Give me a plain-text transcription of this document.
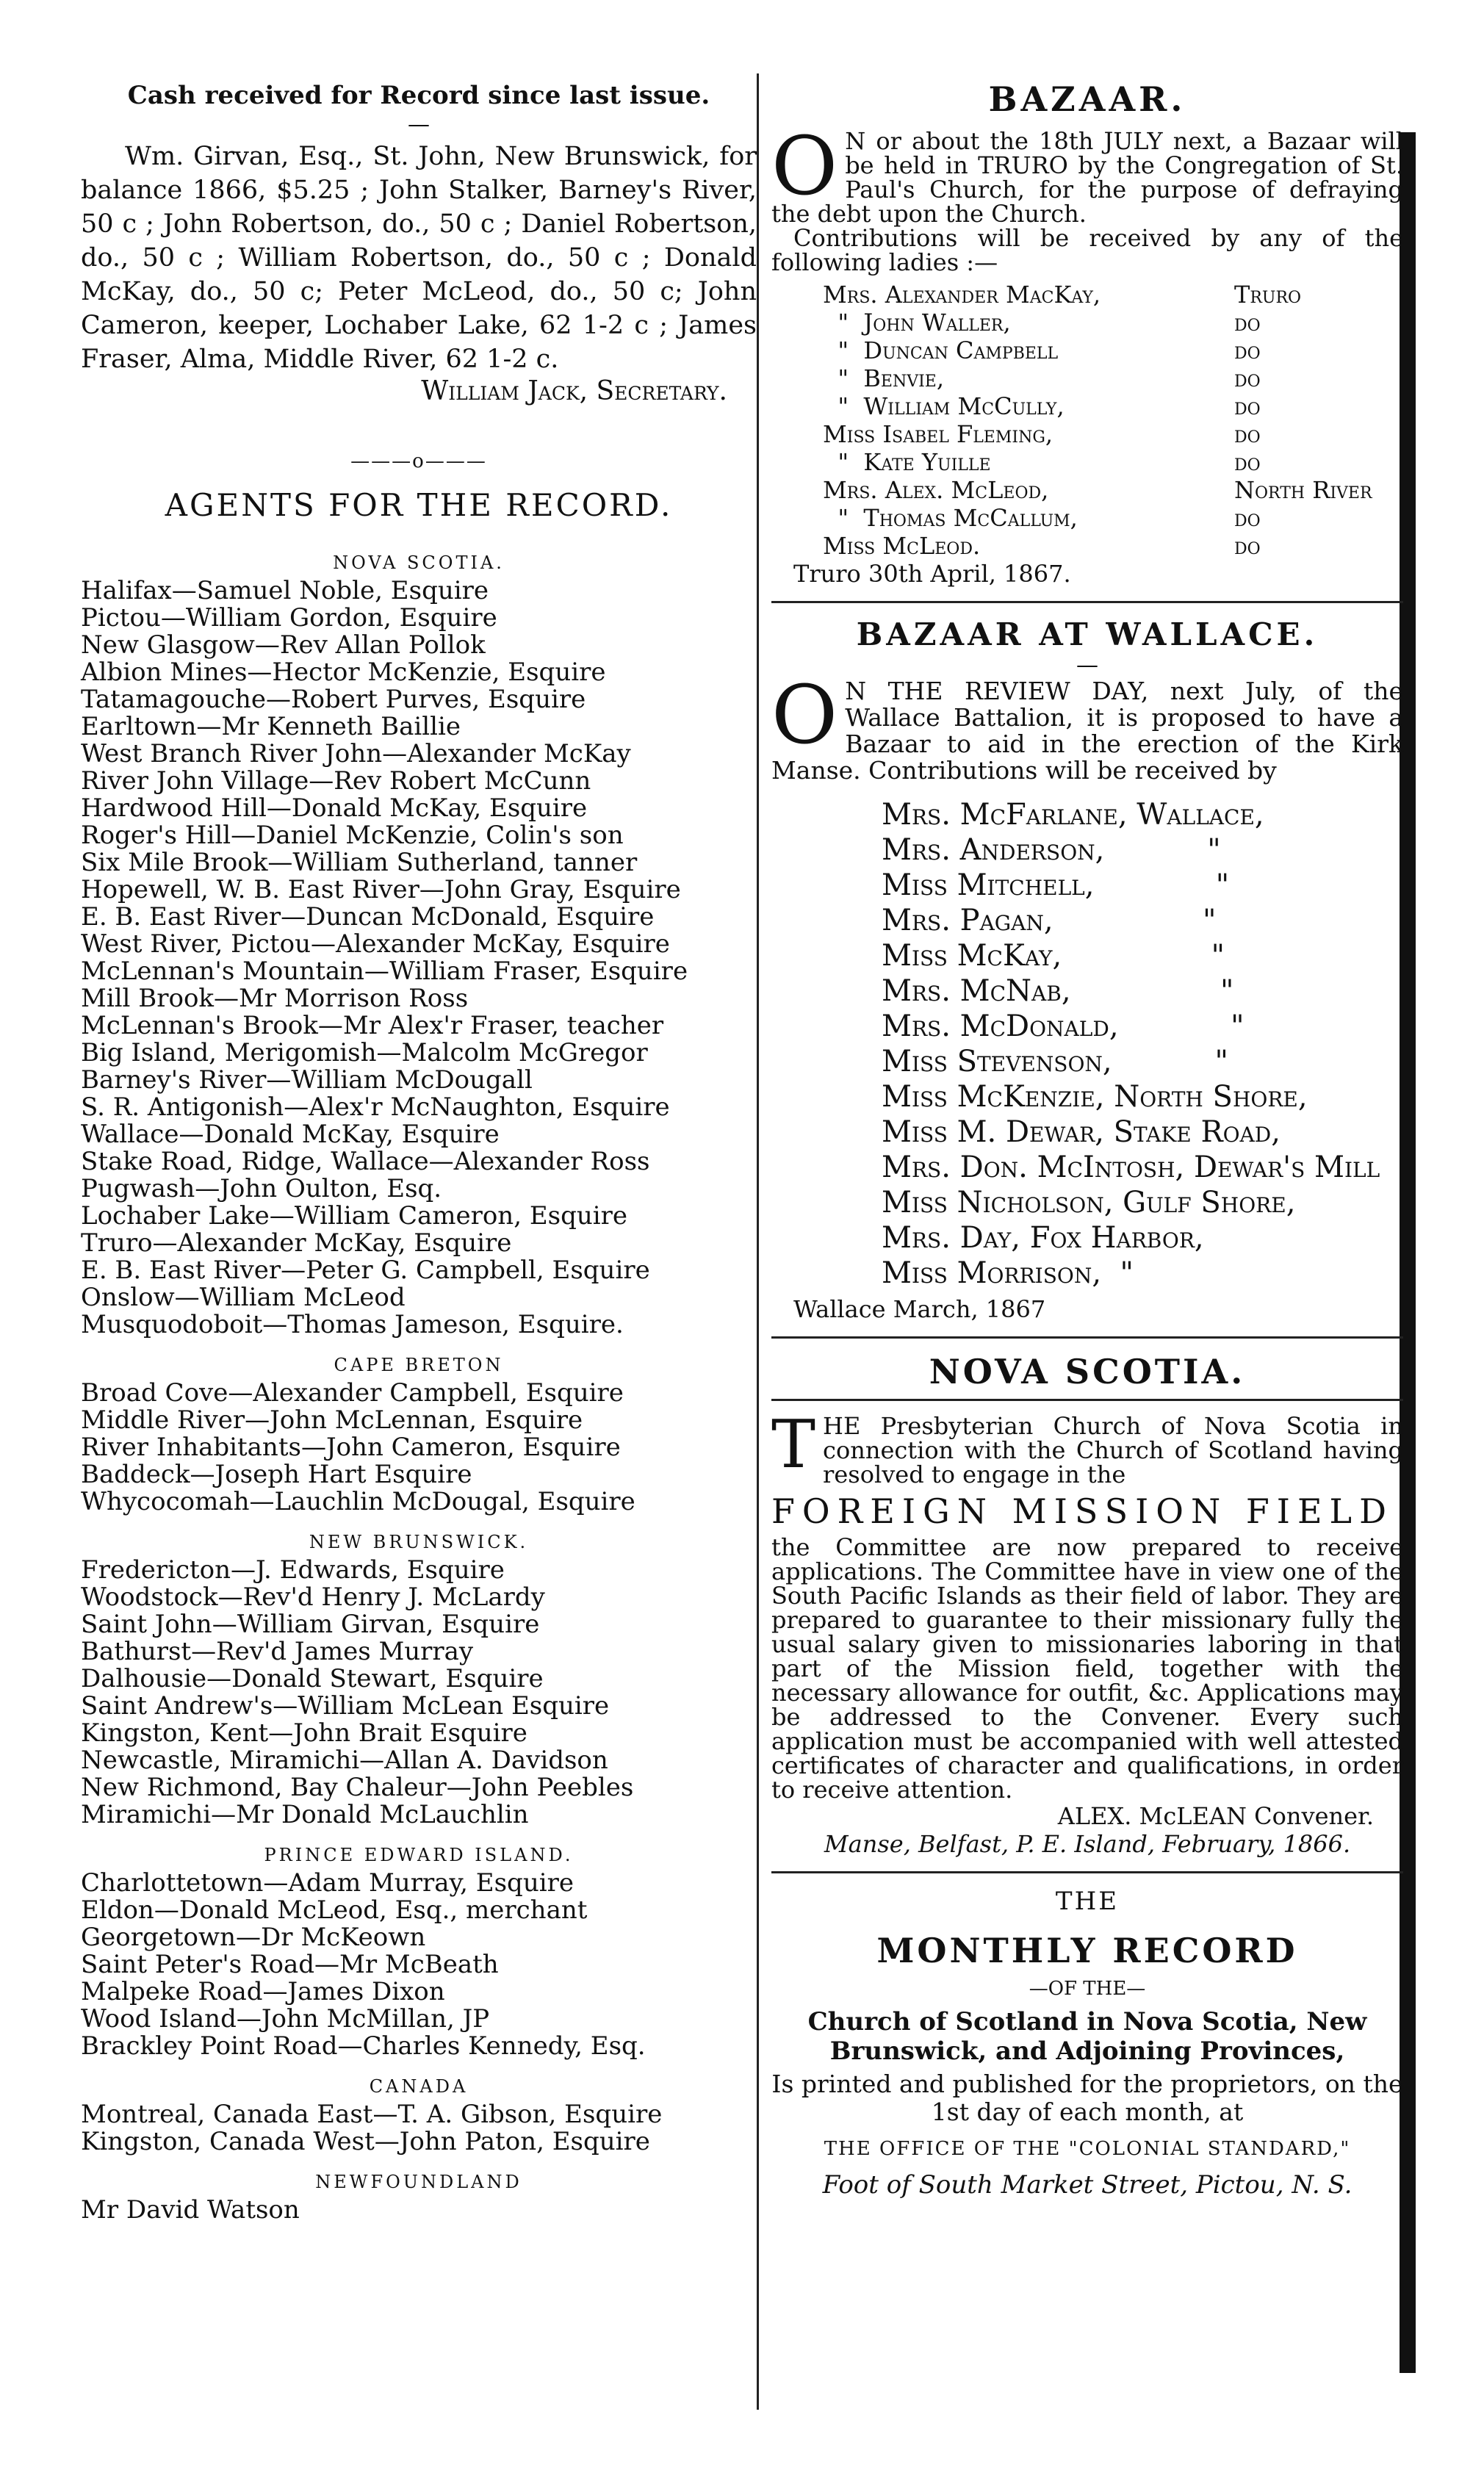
Cash received for Record since last issue.

—

Wm. Girvan, Esq., St. John, New Brunswick, for balance 1866, $5.25 ; John Stalker, Barney's River, 50 c ; John Robertson, do., 50 c ; Daniel Robertson, do., 50 c ; William Robertson, do., 50 c ; Donald McKay, do., 50 c; Peter McLeod, do., 50 c; John Cameron, keeper, Lochaber Lake, 62 1-2 c ; James Fraser, Alma, Middle River, 62 1-2 c.

William Jack, Secretary.
———o———
AGENTS FOR THE RECORD.
NOVA SCOTIA.
Halifax—Samuel Noble, Esquire
Pictou—William Gordon, Esquire
New Glasgow—Rev Allan Pollok
Albion Mines—Hector McKenzie, Esquire
Tatamagouche—Robert Purves, Esquire
Earltown—Mr Kenneth Baillie
West Branch River John—Alexander McKay
River John Village—Rev Robert McCunn
Hardwood Hill—Donald McKay, Esquire
Roger's Hill—Daniel McKenzie, Colin's son
Six Mile Brook—William Sutherland, tanner
Hopewell, W. B. East River—John Gray, Esquire
E. B. East River—Duncan McDonald, Esquire
West River, Pictou—Alexander McKay, Esquire
McLennan's Mountain—William Fraser, Esquire
Mill Brook—Mr Morrison Ross
McLennan's Brook—Mr Alex'r Fraser, teacher
Big Island, Merigomish—Malcolm McGregor
Barney's River—William McDougall
S. R. Antigonish—Alex'r McNaughton, Esquire
Wallace—Donald McKay, Esquire
Stake Road, Ridge, Wallace—Alexander Ross
Pugwash—John Oulton, Esq.
Lochaber Lake—William Cameron, Esquire
Truro—Alexander McKay, Esquire
E. B. East River—Peter G. Campbell, Esquire
Onslow—William McLeod
Musquodoboit—Thomas Jameson, Esquire.
CAPE BRETON
Broad Cove—Alexander Campbell, Esquire
Middle River—John McLennan, Esquire
River Inhabitants—John Cameron, Esquire
Baddeck—Joseph Hart Esquire
Whycocomah—Lauchlin McDougal, Esquire
NEW BRUNSWICK.
Fredericton—J. Edwards, Esquire
Woodstock—Rev'd Henry J. McLardy
Saint John—William Girvan, Esquire
Bathurst—Rev'd James Murray
Dalhousie—Donald Stewart, Esquire
Saint Andrew's—William McLean Esquire
Kingston, Kent—John Brait Esquire
Newcastle, Miramichi—Allan A. Davidson
New Richmond, Bay Chaleur—John Peebles
Miramichi—Mr Donald McLauchlin
PRINCE EDWARD ISLAND.
Charlottetown—Adam Murray, Esquire
Eldon—Donald McLeod, Esq., merchant
Georgetown—Dr McKeown
Saint Peter's Road—Mr McBeath
Malpeke Road—James Dixon
Wood Island—John McMillan, JP
Brackley Point Road—Charles Kennedy, Esq.
CANADA
Montreal, Canada East—T. A. Gibson, Esquire
Kingston, Canada West—John Paton, Esquire
NEWFOUNDLAND
Mr David Watson

BAZAAR.

O N or about the 18th JULY next, a Bazaar will be held in TRURO by the Congregation of St. Paul's Church, for the purpose of defraying the debt upon the Church.

Contributions will be received by any of the following ladies :—

Mrs. Alexander MacKay,	Truro
"  John Waller,	do
"  Duncan Campbell	do
"  Benvie,	do
"  William McCully,	do
Miss Isabel Fleming,	do
"  Kate Yuille	do
Mrs. Alex. McLeod,	North River
"  Thomas McCallum,	do
Miss McLeod.	do
Truro 30th April, 1867.

BAZAAR AT WALLACE.

—
O N THE REVIEW DAY, next July, of the Wallace Battalion, it is proposed to have a Bazaar to aid in the erection of the Kirk Manse. Contributions will be received by

Mrs. McFarlane, Wallace,
Mrs. Anderson,           "
Miss Mitchell,             "
Mrs. Pagan,                "
Miss McKay,                "
Mrs. McNab,                "
Mrs. McDonald,            "
Miss Stevenson,           "
Miss McKenzie, North Shore,
Miss M. Dewar, Stake Road,
Mrs. Don. McIntosh, Dewar's Mill
Miss Nicholson, Gulf Shore,
Mrs. Day, Fox Harbor,
Miss Morrison,  "
Wallace March, 1867
NOVA SCOTIA.
T HE Presbyterian Church of Nova Scotia in connection with the Church of Scotland having resolved to engage in the

FOREIGN MISSION FIELD

the Committee are now prepared to receive applications. The Committee have in view one of the South Pacific Islands as their field of labor. They are prepared to guarantee to their missionary fully the usual salary given to missionaries laboring in that part of the Mission field, together with the necessary allowance for outfit, &c. Applications may be addressed to the Convener. Every such application must be accompanied with well attested certificates of character and qualifications, in order to receive attention.

ALEX. McLEAN Convener.
Manse, Belfast, P. E. Island, February, 1866.
THE
MONTHLY RECORD
—OF THE—
Church of Scotland in Nova Scotia, New Brunswick, and Adjoining Provinces,
Is printed and published for the proprietors, on the 1st day of each month, at
THE OFFICE OF THE "COLONIAL STANDARD,"
Foot of South Market Street, Pictou, N. S.
